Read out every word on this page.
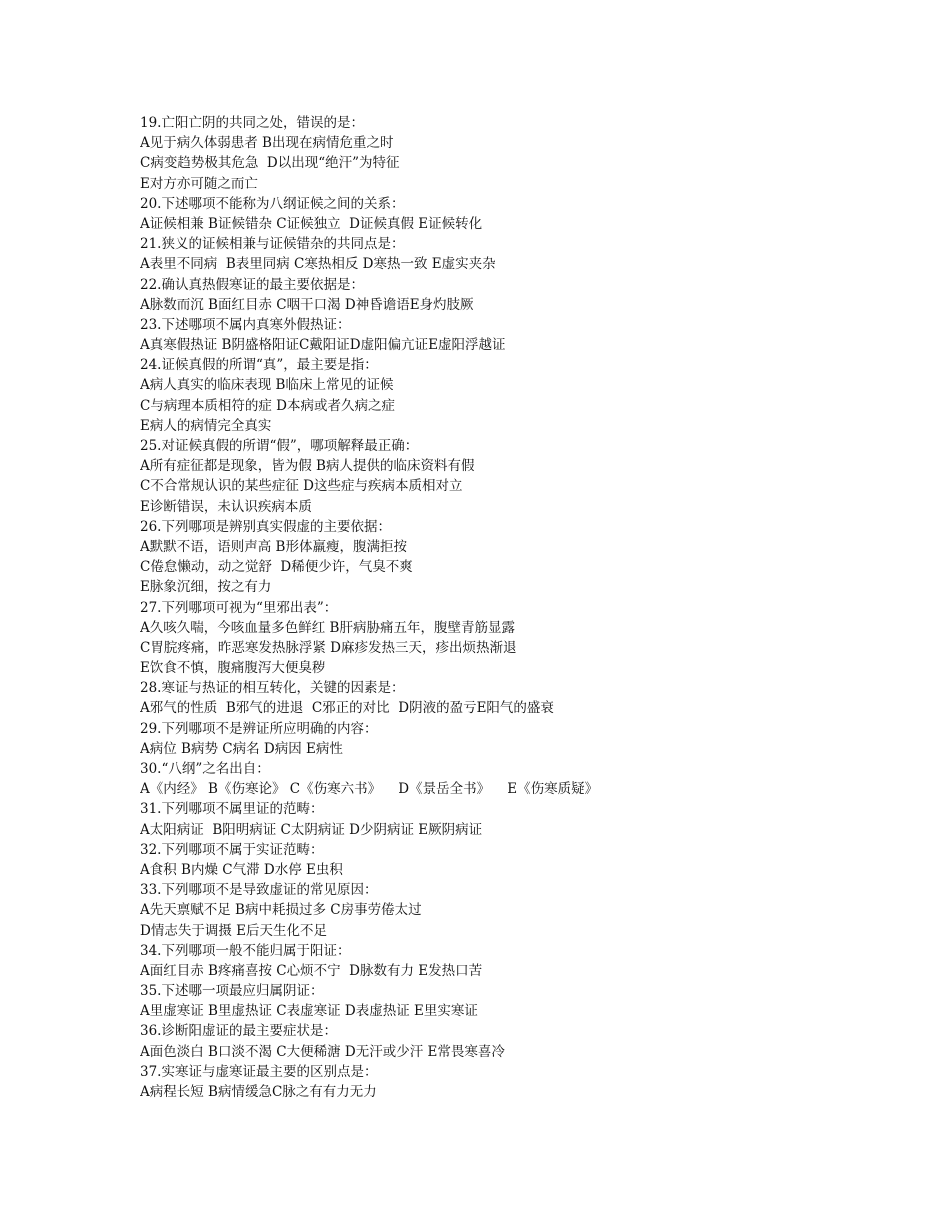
19.亡阳亡阴的共同之处，错误的是：
A见于病久体弱患者 B出现在病情危重之时
C病变趋势极其危急  D以出现“绝汗”为特征
E对方亦可随之而亡
20.下述哪项不能称为八纲证候之间的关系：
A证候相兼 B证候错杂 C证候独立  D证候真假 E证候转化
21.狭义的证候相兼与证候错杂的共同点是：
A表里不同病  B表里同病 C寒热相反 D寒热一致 E虚实夹杂
22.确认真热假寒证的最主要依据是：
A脉数而沉 B面红目赤 C咽干口渴 D神昏谵语E身灼肢厥
23.下述哪项不属内真寒外假热证：
A真寒假热证 B阴盛格阳证C戴阳证D虚阳偏亢证E虚阳浮越证
24.证候真假的所谓“真”，最主要是指：
A病人真实的临床表现 B临床上常见的证候
C与病理本质相符的症 D本病或者久病之症
E病人的病情完全真实
25.对证候真假的所谓“假”，哪项解释最正确：
A所有症征都是现象，皆为假 B病人提供的临床资料有假
C不合常规认识的某些症征 D这些症与疾病本质相对立
E诊断错误，未认识疾病本质
26.下列哪项是辨别真实假虚的主要依据：
A默默不语，语则声高 B形体羸瘦，腹满拒按
C倦怠懒动，动之觉舒  D稀便少许，气臭不爽
E脉象沉细，按之有力
27.下列哪项可视为“里邪出表”：
A久咳久喘，今咳血量多色鲜红 B肝病胁痛五年，腹壁青筋显露
C胃脘疼痛，昨恶寒发热脉浮紧 D麻疹发热三天，疹出烦热渐退
E饮食不慎，腹痛腹泻大便臭秽
28.寒证与热证的相互转化，关键的因素是：
A邪气的性质  B邪气的进退  C邪正的对比  D阴液的盈亏E阳气的盛衰
29.下列哪项不是辨证所应明确的内容：
A病位 B病势 C病名 D病因 E病性
30.“八纲”之名出自：
A《内经》 B《伤寒论》 C《伤寒六书》    D《景岳全书》    E《伤寒质疑》
31.下列哪项不属里证的范畴：
A太阳病证  B阳明病证 C太阴病证 D少阴病证 E厥阴病证
32.下列哪项不属于实证范畴：
A食积 B内燥 C气滞 D水停 E虫积
33.下列哪项不是导致虚证的常见原因：
A先天禀赋不足 B病中耗损过多 C房事劳倦太过
D情志失于调摄 E后天生化不足
34.下列哪项一般不能归属于阳证：
A面红目赤 B疼痛喜按 C心烦不宁  D脉数有力 E发热口苦
35.下述哪一项最应归属阴证：
A里虚寒证 B里虚热证 C表虚寒证 D表虚热证 E里实寒证
36.诊断阳虚证的最主要症状是：
A面色淡白 B口淡不渴 C大便稀溏 D无汗或少汗 E常畏寒喜冷
37.实寒证与虚寒证最主要的区别点是：
A病程长短 B病情缓急C脉之有有力无力
